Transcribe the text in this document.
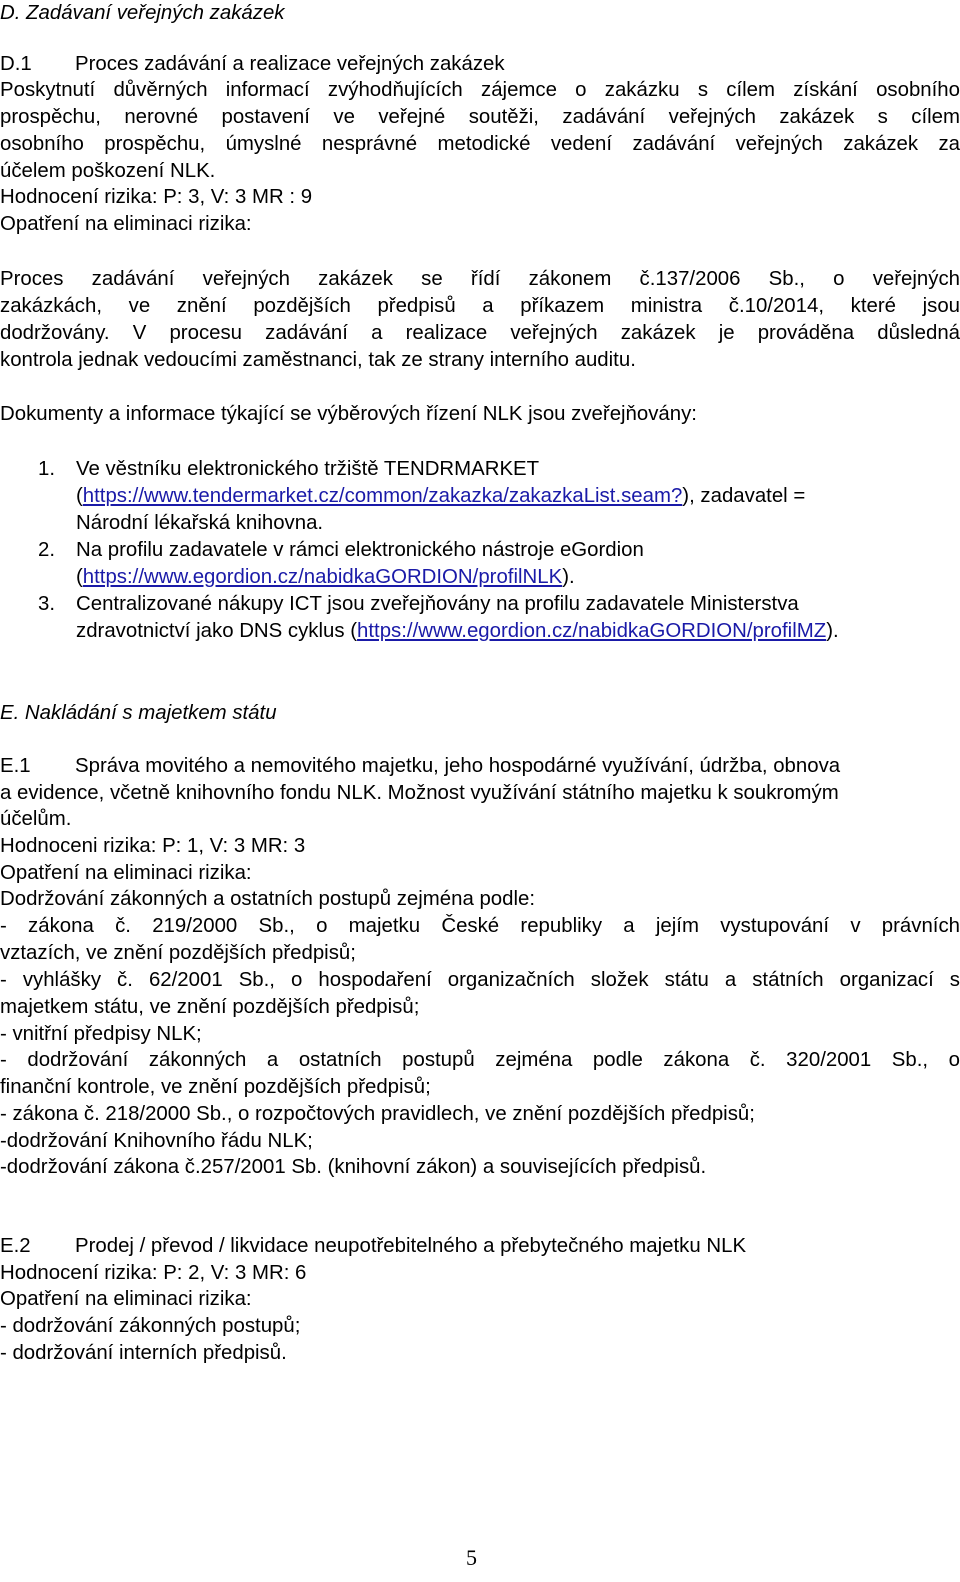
D. Zadávaní veřejných zakázek
D.1 Proces zadávání a realizace veřejných zakázek
Poskytnutí důvěrných informací zvýhodňujících zájemce o zakázku s cílem získání osobního
prospěchu, nerovné postavení ve veřejné soutěži, zadávání veřejných zakázek s cílem
osobního prospěchu, úmyslné nesprávné metodické vedení zadávání veřejných zakázek za
účelem poškození NLK.
Hodnocení rizika: P: 3, V: 3 MR : 9
Opatření na eliminaci rizika:
Proces zadávání veřejných zakázek se řídí zákonem č.137/2006 Sb., o veřejných
zakázkách, ve znění pozdějších předpisů a příkazem ministra č.10/2014, které jsou
dodržovány. V procesu zadávání a realizace veřejných zakázek je prováděna důsledná
kontrola jednak vedoucími zaměstnanci, tak ze strany interního auditu.
Dokumenty a informace týkající se výběrových řízení NLK jsou zveřejňovány:
1. Ve věstníku elektronického tržiště TENDRMARKET
(https://www.tendermarket.cz/common/zakazka/zakazkaList.seam?), zadavatel =
Národní lékařská knihovna.
2. Na profilu zadavatele v rámci elektronického nástroje eGordion
(https://www.egordion.cz/nabidkaGORDION/profilNLK).
3. Centralizované nákupy ICT jsou zveřejňovány na profilu zadavatele Ministerstva
zdravotnictví jako DNS cyklus (https://www.egordion.cz/nabidkaGORDION/profilMZ).
E. Nakládání s majetkem státu
E.1 Správa movitého a nemovitého majetku, jeho hospodárné využívání, údržba, obnova
a evidence, včetně knihovního fondu NLK. Možnost využívání státního majetku k soukromým
účelům.
Hodnoceni rizika: P: 1, V: 3 MR: 3
Opatření na eliminaci rizika:
Dodržování zákonných a ostatních postupů zejména podle:
- zákona č. 219/2000 Sb., o majetku České republiky a jejím vystupování v právních
vztazích, ve znění pozdějších předpisů;
- vyhlášky č. 62/2001 Sb., o hospodaření organizačních složek státu a státních organizací s
majetkem státu, ve znění pozdějších předpisů;
- vnitřní předpisy NLK;
- dodržování zákonných a ostatních postupů zejména podle zákona č. 320/2001 Sb., o
finanční kontrole, ve znění pozdějších předpisů;
- zákona č. 218/2000 Sb., o rozpočtových pravidlech, ve znění pozdějších předpisů;
-dodržování Knihovního řádu NLK;
-dodržování zákona č.257/2001 Sb. (knihovní zákon) a souvisejících předpisů.
E.2 Prodej / převod / likvidace neupotřebitelného a přebytečného majetku NLK
Hodnocení rizika: P: 2, V: 3 MR: 6
Opatření na eliminaci rizika:
- dodržování zákonných postupů;
- dodržování interních předpisů.
5
